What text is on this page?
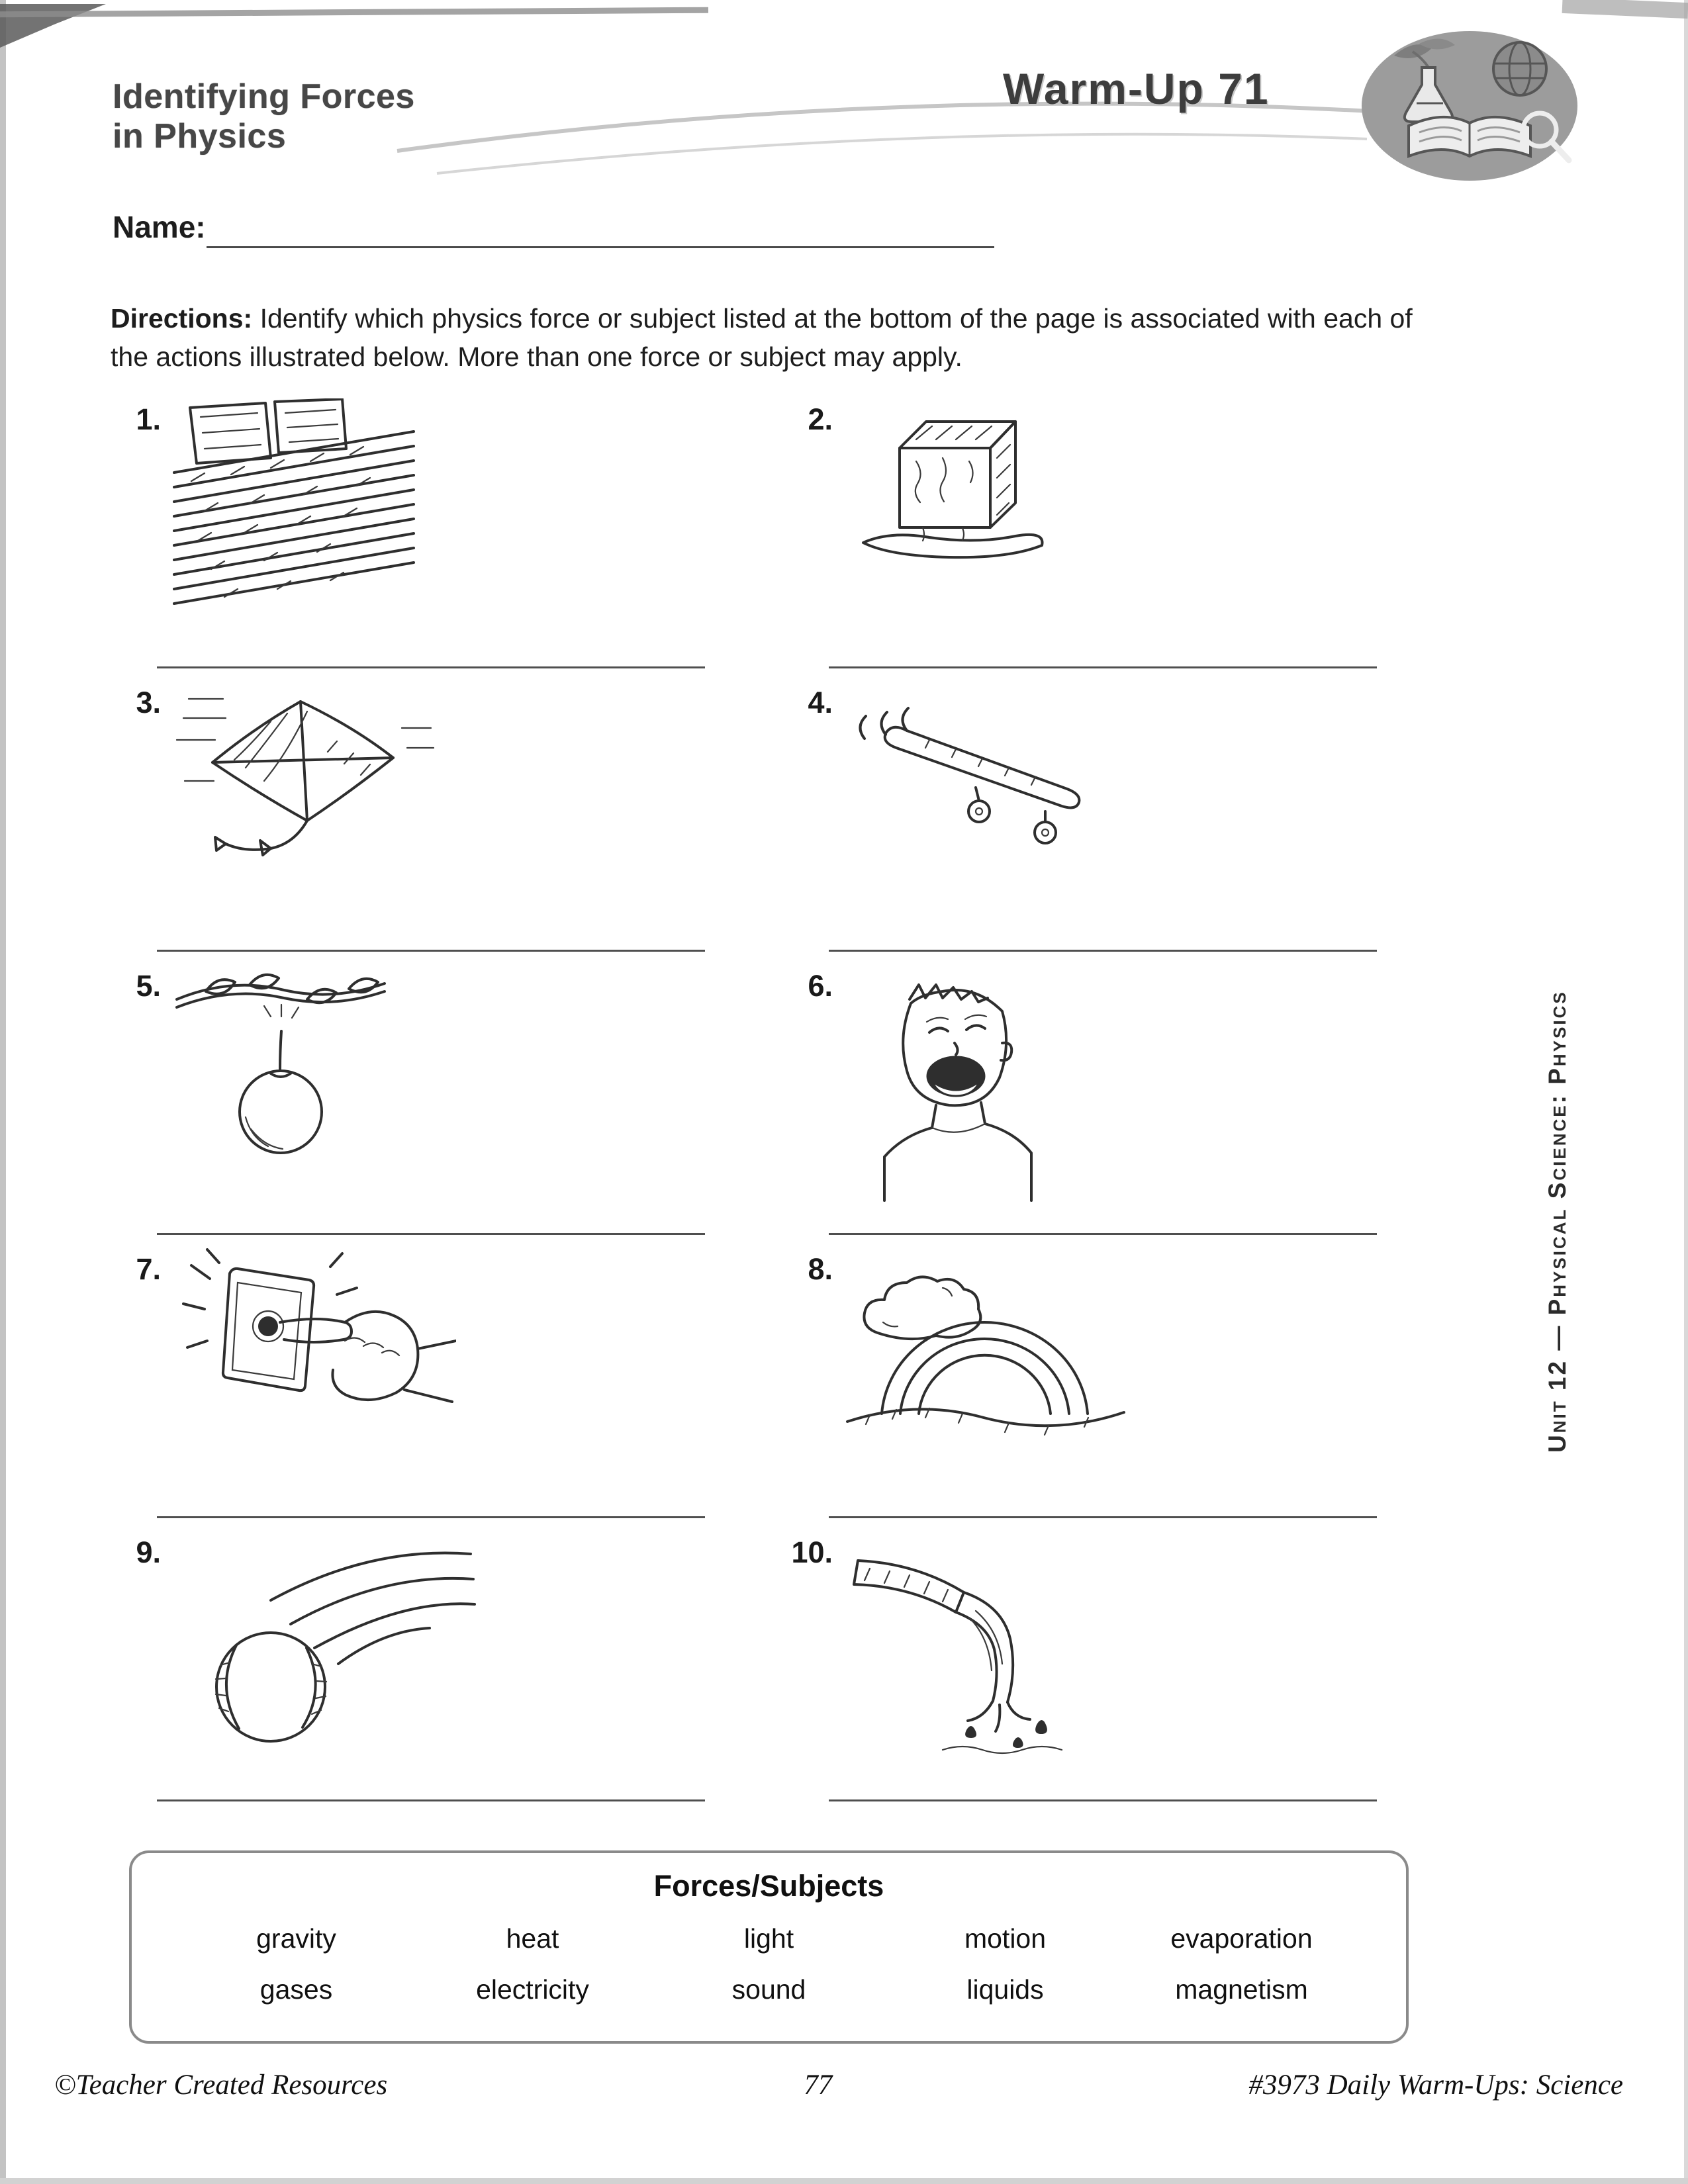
Identifying Forces
in Physics
Warm-Up 71
Name:
Directions: Identify which physics force or subject listed at the bottom of the page is associated with each of the actions illustrated below. More than one force or subject may apply.
1.	2.
3.	4.
5.	6.
7.	8.
9.	10.
Unit 12 — Physical Science: Physics
Forces/Subjects
gravity	heat	light	motion	evaporation
gases	electricity	sound	liquids	magnetism
©Teacher Created Resources	77	#3973 Daily Warm-Ups: Science
